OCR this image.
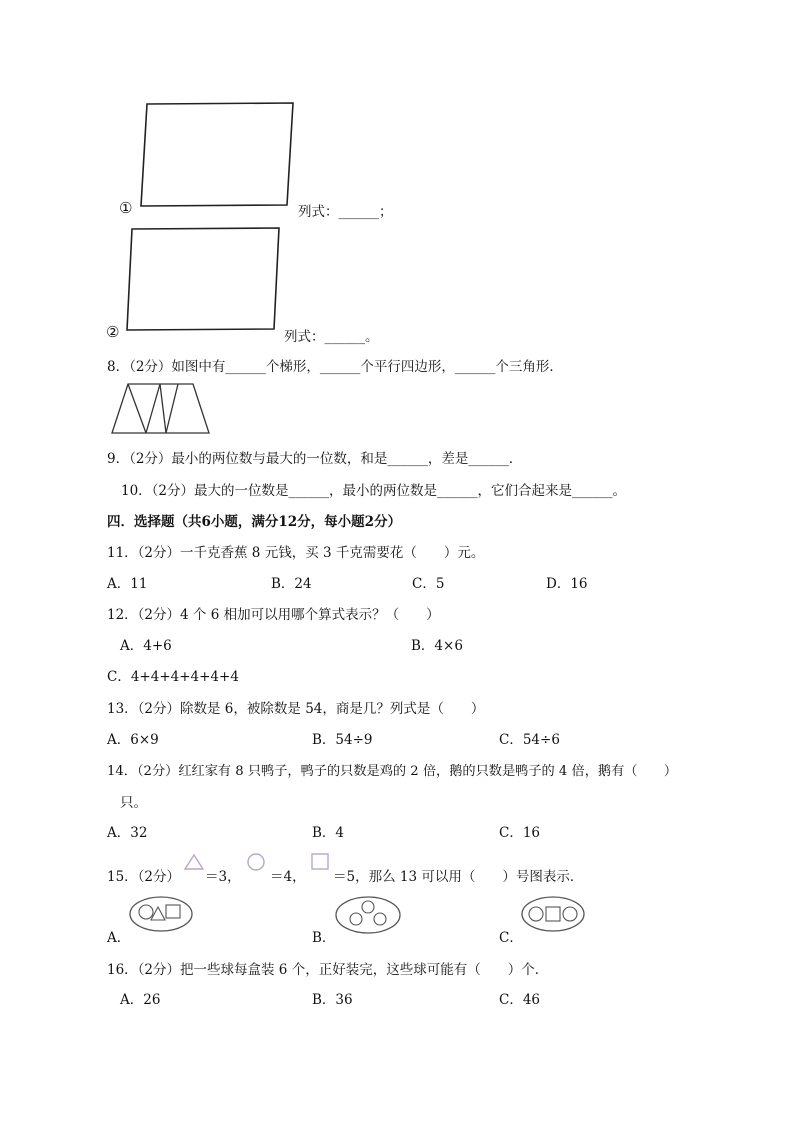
①	列式：______；
②	列式：______。
8．（2分）如图中有______个梯形，______个平行四边形，______个三角形．
9．（2分）最小的两位数与最大的一位数，和是______，差是______．
10．（2分）最大的一位数是______，最小的两位数是______，它们合起来是______。
四．选择题（共6小题，满分12分，每小题2分）
11．（2分）一千克香蕉 8 元钱，买 3 千克需要花（　　）元。
A．11	B．24	C．5	D．16
12．（2分）4 个 6 相加可以用哪个算式表示？（　　）
A．4+6	B．4×6
C．4+4+4+4+4+4
13．（2分）除数是 6，被除数是 54，商是几？列式是（　　）
A．6×9	B．54÷9	C．54÷6
14．（2分）红红家有 8 只鸭子，鸭子的只数是鸡的 2 倍，鹅的只数是鸭子的 4 倍，鹅有（　　）
只。
A．32	B．4	C．16
15．（2分） ＝3， ＝4， ＝5，那么 13 可以用（　　）号图表示．
A．	B．	C．
16．（2分）把一些球每盒装 6 个，正好装完，这些球可能有（　　）个．
A．26	B．36	C．46
